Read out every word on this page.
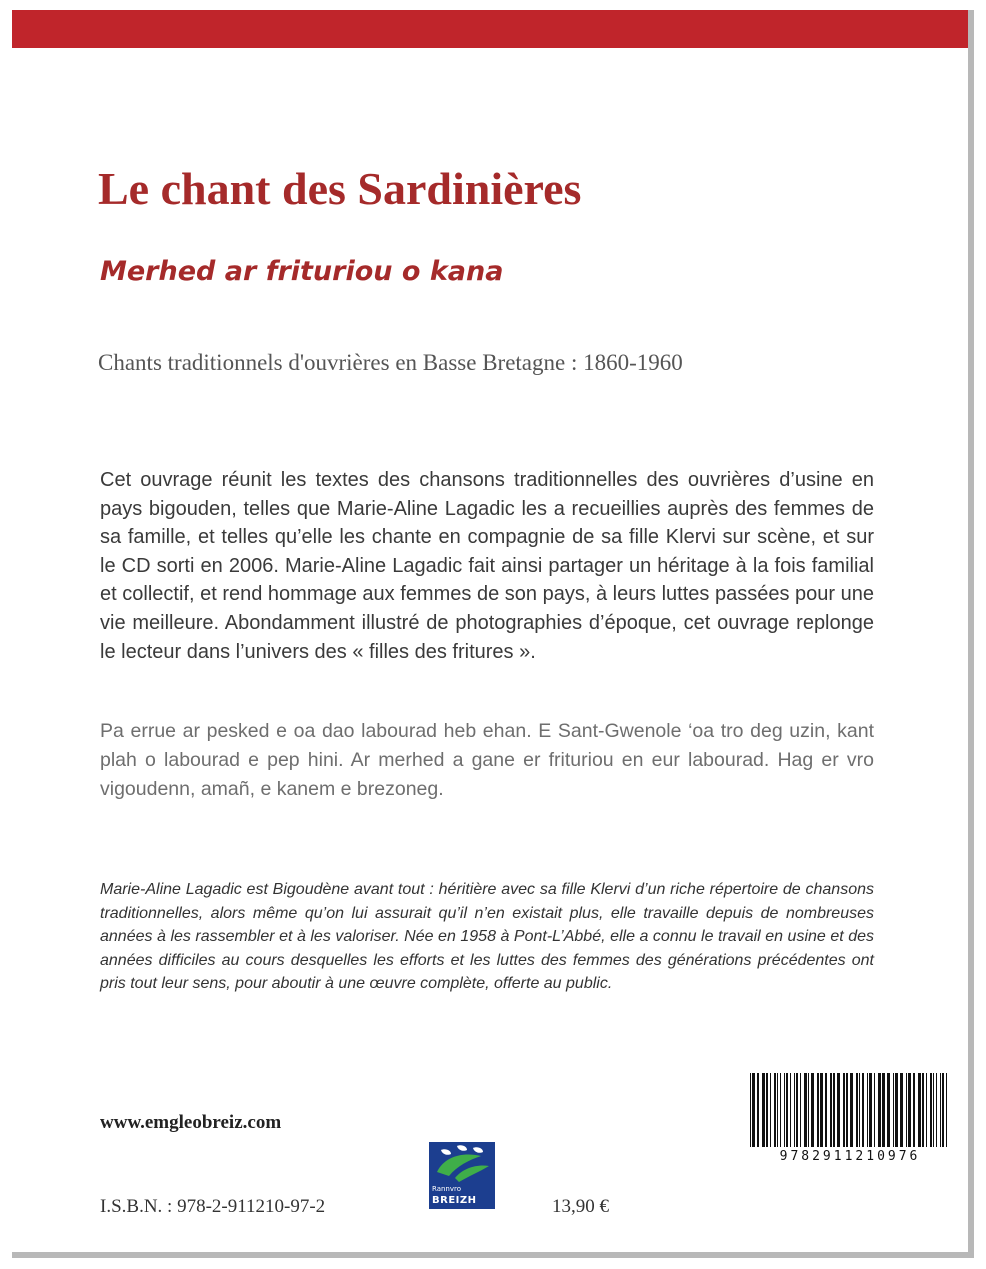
Le chant des Sardinières
Merhed ar frituriou o kana

Chants traditionnels d'ouvrières en Basse Bretagne : 1860-1960

Cet ouvrage réunit les textes des chansons traditionnelles des ouvrières d’usine en pays bigouden, telles que Marie-Aline Lagadic les a recueillies auprès des femmes de sa famille, et telles qu’elle les chante en compagnie de sa fille Klervi sur scène, et sur le CD sorti en 2006. Marie-Aline Lagadic fait ainsi partager un héritage à la fois familial et collectif, et rend hommage aux femmes de son pays, à leurs luttes passées pour une vie meilleure. Abondamment illustré de photographies d’époque, cet ouvrage replonge le lecteur dans l’univers des « filles des fritures ».

Pa errue ar pesked e oa dao labourad heb ehan. E Sant-Gwenole ‘oa tro deg uzin, kant plah o labourad e pep hini. Ar merhed a gane er frituriou en eur labourad. Hag er vro vigoudenn, amañ, e kanem e brezoneg.

Marie-Aline Lagadic est Bigoudène avant tout : héritière avec sa fille Klervi d’un riche répertoire de chansons traditionnelles, alors même qu’on lui assurait qu’il n’en existait plus, elle travaille depuis de nombreuses années à les rassembler et à les valoriser. Née en 1958 à Pont-L’Abbé, elle a connu le travail en usine et des années difficiles au cours desquelles les efforts et les luttes des femmes des générations précédentes ont pris tout leur sens, pour aboutir à une œuvre complète, offerte au public.

www.emgleobreiz.com

I.S.B.N. : 978-2-911210-97-2

Rannvro
BREIZH	13,90 €

9782911210976
